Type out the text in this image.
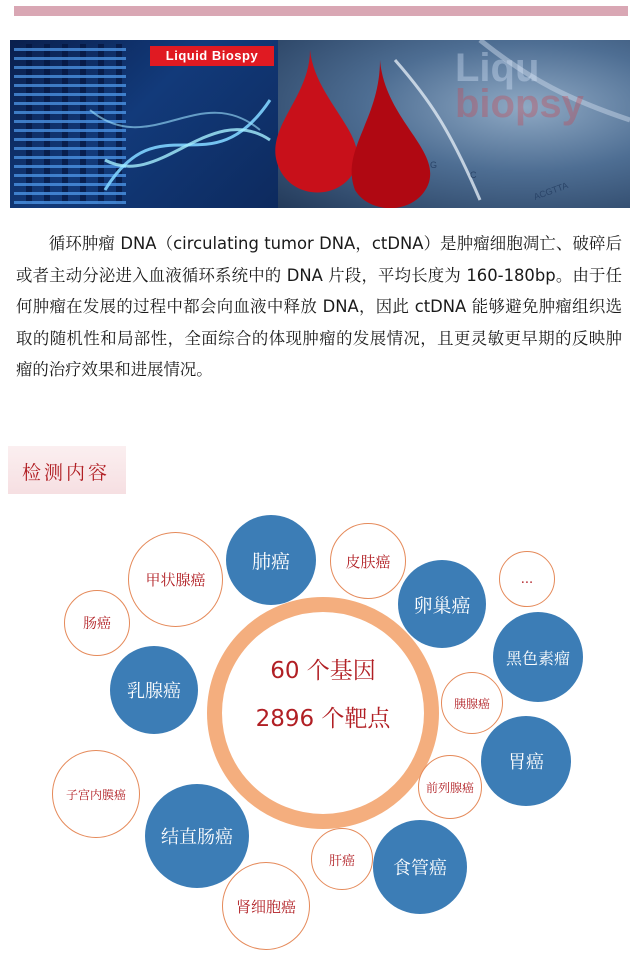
ACGTTA
G
C
Liqu
biopsy
Liquid Biospy

循环肿瘤 DNA（circulating tumor DNA，ctDNA）是肿瘤细胞凋亡、破碎后或者主动分泌进入血液循环系统中的 DNA 片段，平均长度为 160-180bp。由于任何肿瘤在发展的过程中都会向血液中释放 DNA，因此 ctDNA 能够避免肿瘤组织选取的随机性和局部性，全面综合的体现肿瘤的发展情况，且更灵敏更早期的反映肿瘤的治疗效果和进展情况。

检测内容
60 个基因
2896 个靶点
肺癌	皮肤癌
甲状腺癌	...
卵巢癌
肠癌
黑色素瘤
乳腺癌
胰腺癌
胃癌
子宫内膜癌	前列腺癌
结直肠癌
肝癌	食管癌
肾细胞癌
